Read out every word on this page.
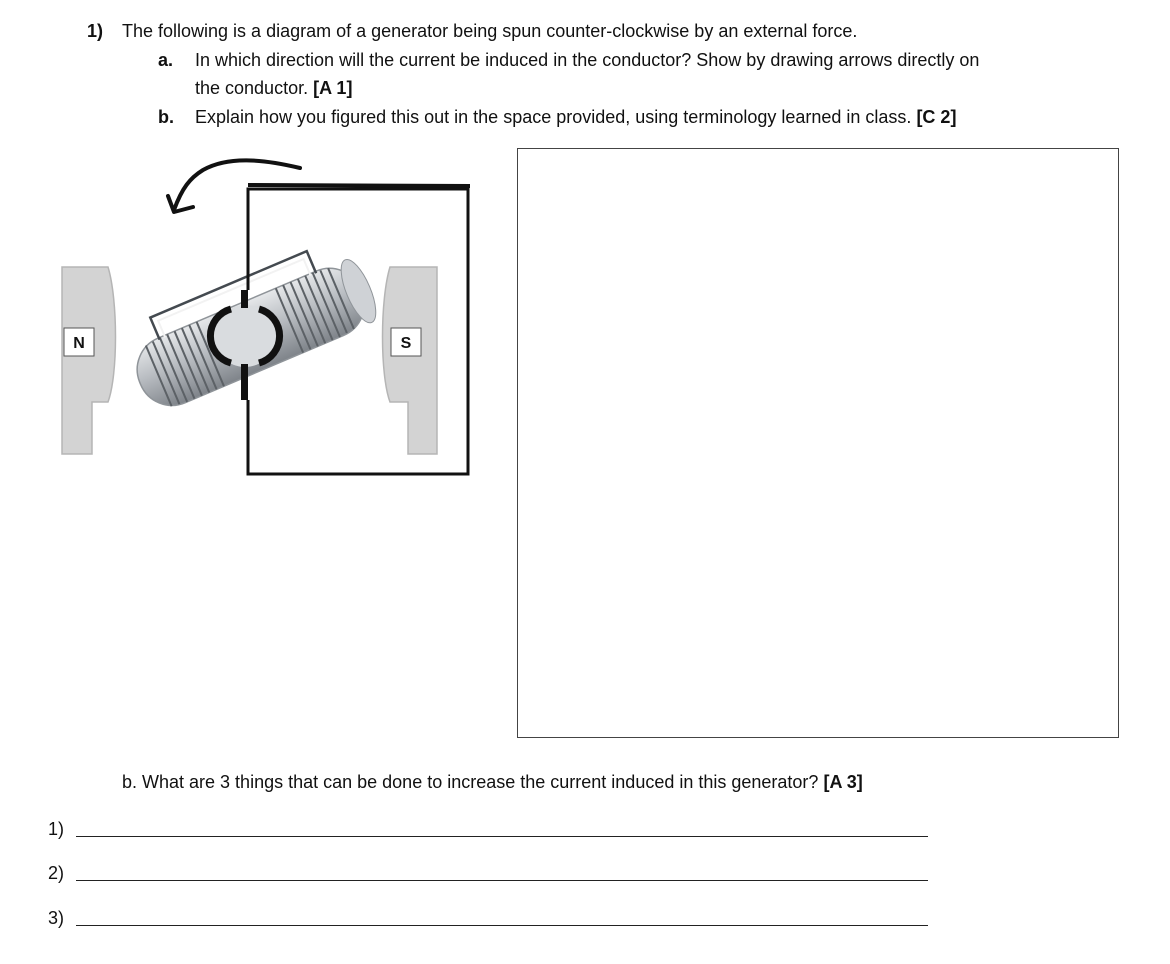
1) The following is a diagram of a generator being spun counter-clockwise by an external force.
a. In which direction will the current be induced in the conductor? Show by drawing arrows directly on
the conductor. [A 1]
b. Explain how you figured this out in the space provided, using terminology learned in class. [C 2]
N	S
b. What are 3 things that can be done to increase the current induced in this generator? [A 3]
1)
2)
3)
